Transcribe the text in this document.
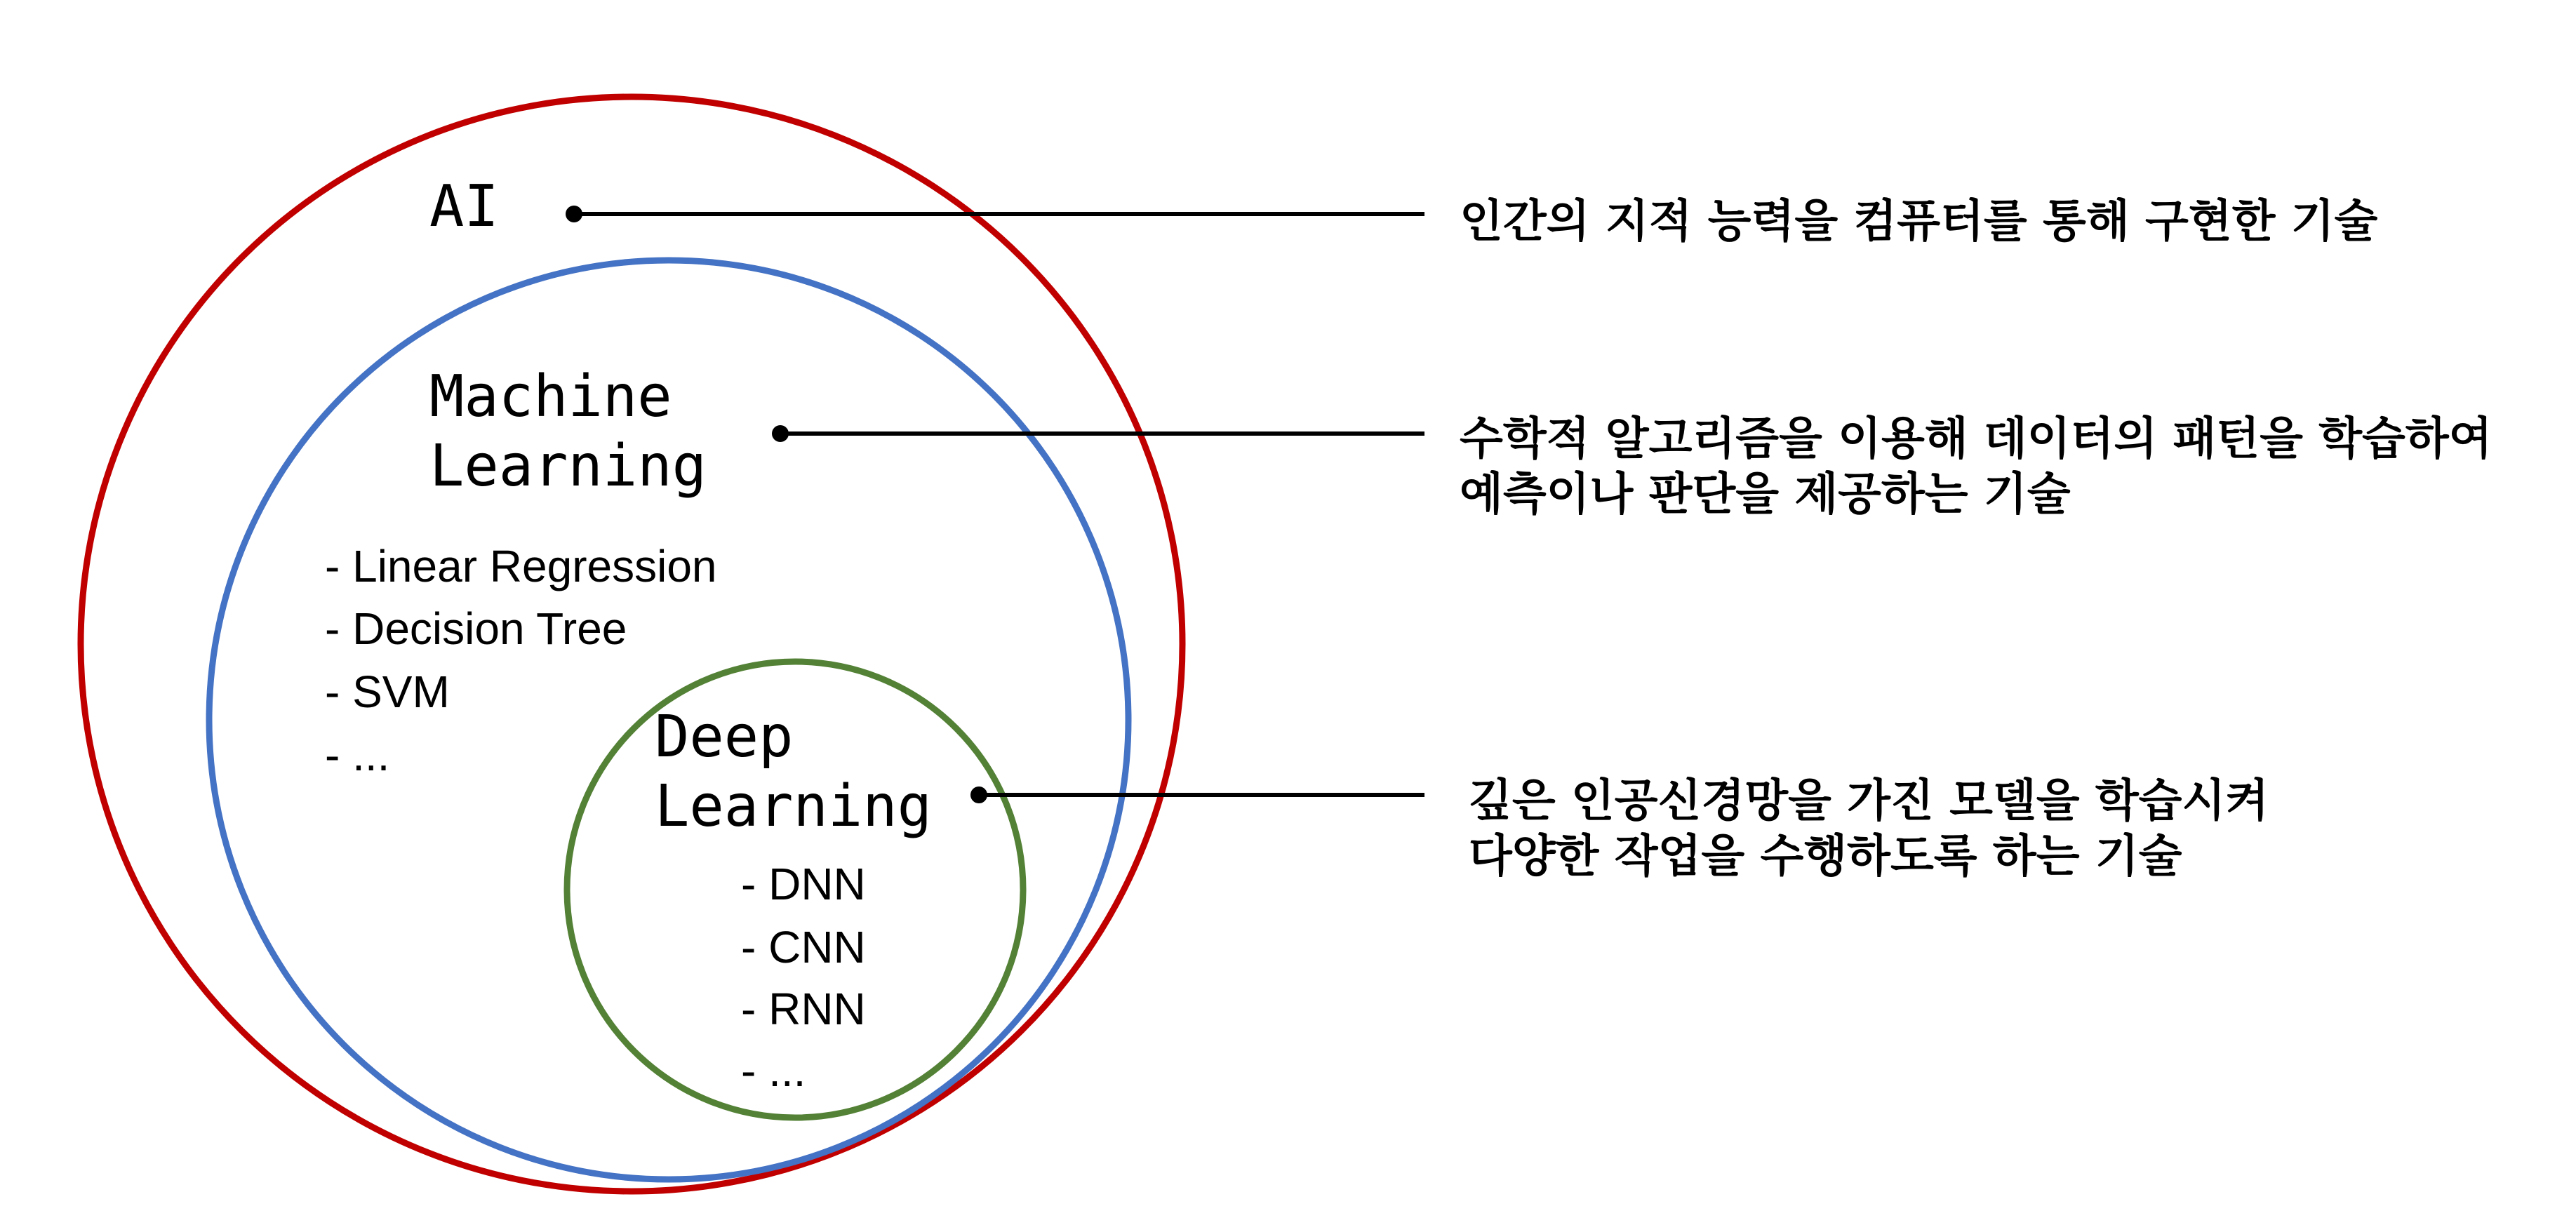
AI
Machine
Learning
- Linear Regression
- Decision Tree
- SVM
- ...	Deep
Learning
- DNN
- CNN
- RNN
- ...
인간의 지적 능력을 컴퓨터를 통해 구현한 기술
수학적 알고리즘을 이용해 데이터의 패턴을 학습하여
예측이나 판단을 제공하는 기술
깊은 인공신경망을 가진 모델을 학습시켜
다양한 작업을 수행하도록 하는 기술
